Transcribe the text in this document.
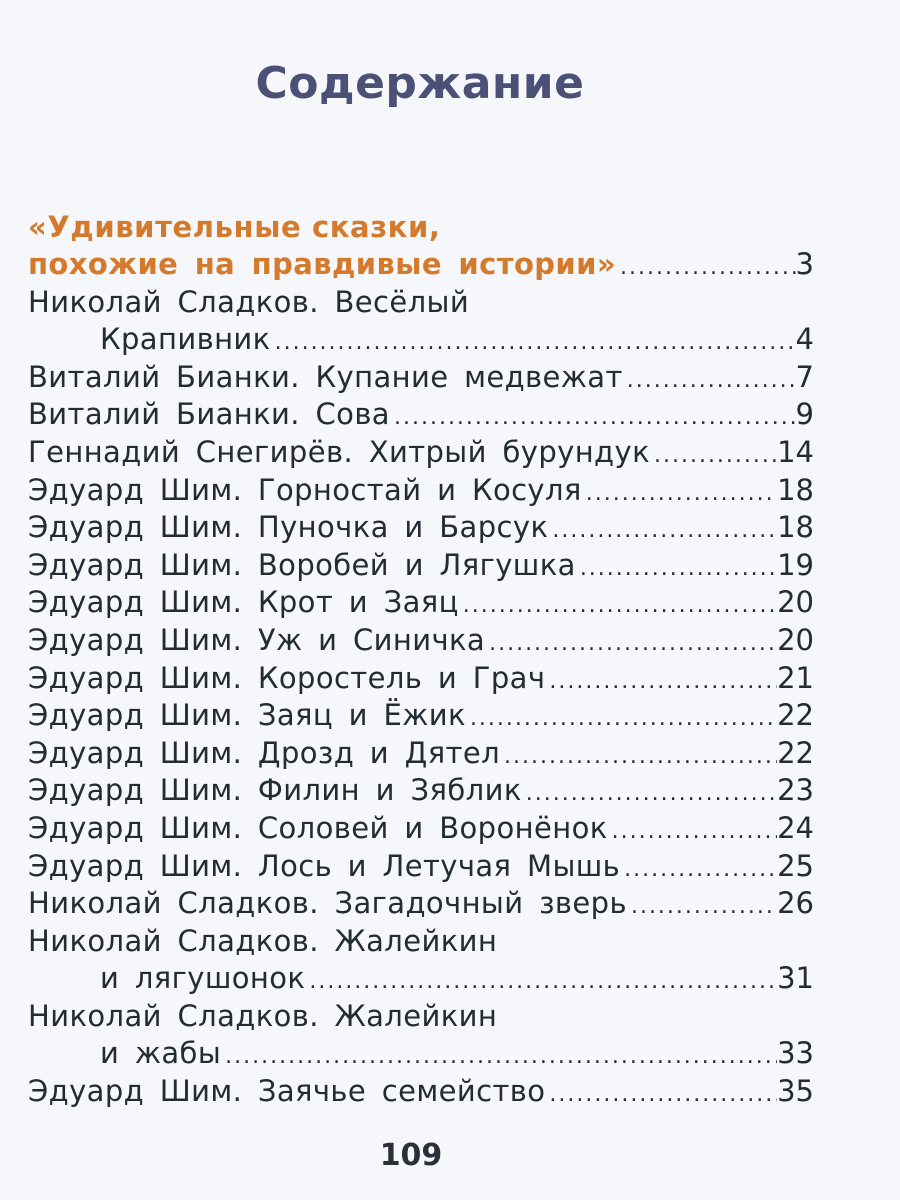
Содержание
«Удивительные сказки,
похожие на правдивые истории» .....	3
Николай Сладков. Весёлый
Крапивник .....	4
Виталий Бианки. Купание медвежат .....	7
Виталий Бианки. Сова .....	9
Геннадий Снегирёв. Хитрый бурундук .....	14
Эдуард Шим. Горностай и Косуля .....	18
Эдуард Шим. Пуночка и Барсук .....	18
Эдуард Шим. Воробей и Лягушка .....	19
Эдуард Шим. Крот и Заяц .....	20
Эдуард Шим. Уж и Синичка .....	20
Эдуард Шим. Коростель и Грач .....	21
Эдуард Шим. Заяц и Ёжик .....	22
Эдуард Шим. Дрозд и Дятел .....	22
Эдуард Шим. Филин и Зяблик .....	23
Эдуард Шим. Соловей и Воронёнок .....	24
Эдуард Шим. Лось и Летучая Мышь .....	25
Николай Сладков. Загадочный зверь .....	26
Николай Сладков. Жалейкин
и лягушонок .....	31
Николай Сладков. Жалейкин
и жабы .....	33
Эдуард Шим. Заячье семейство .....	35
109
